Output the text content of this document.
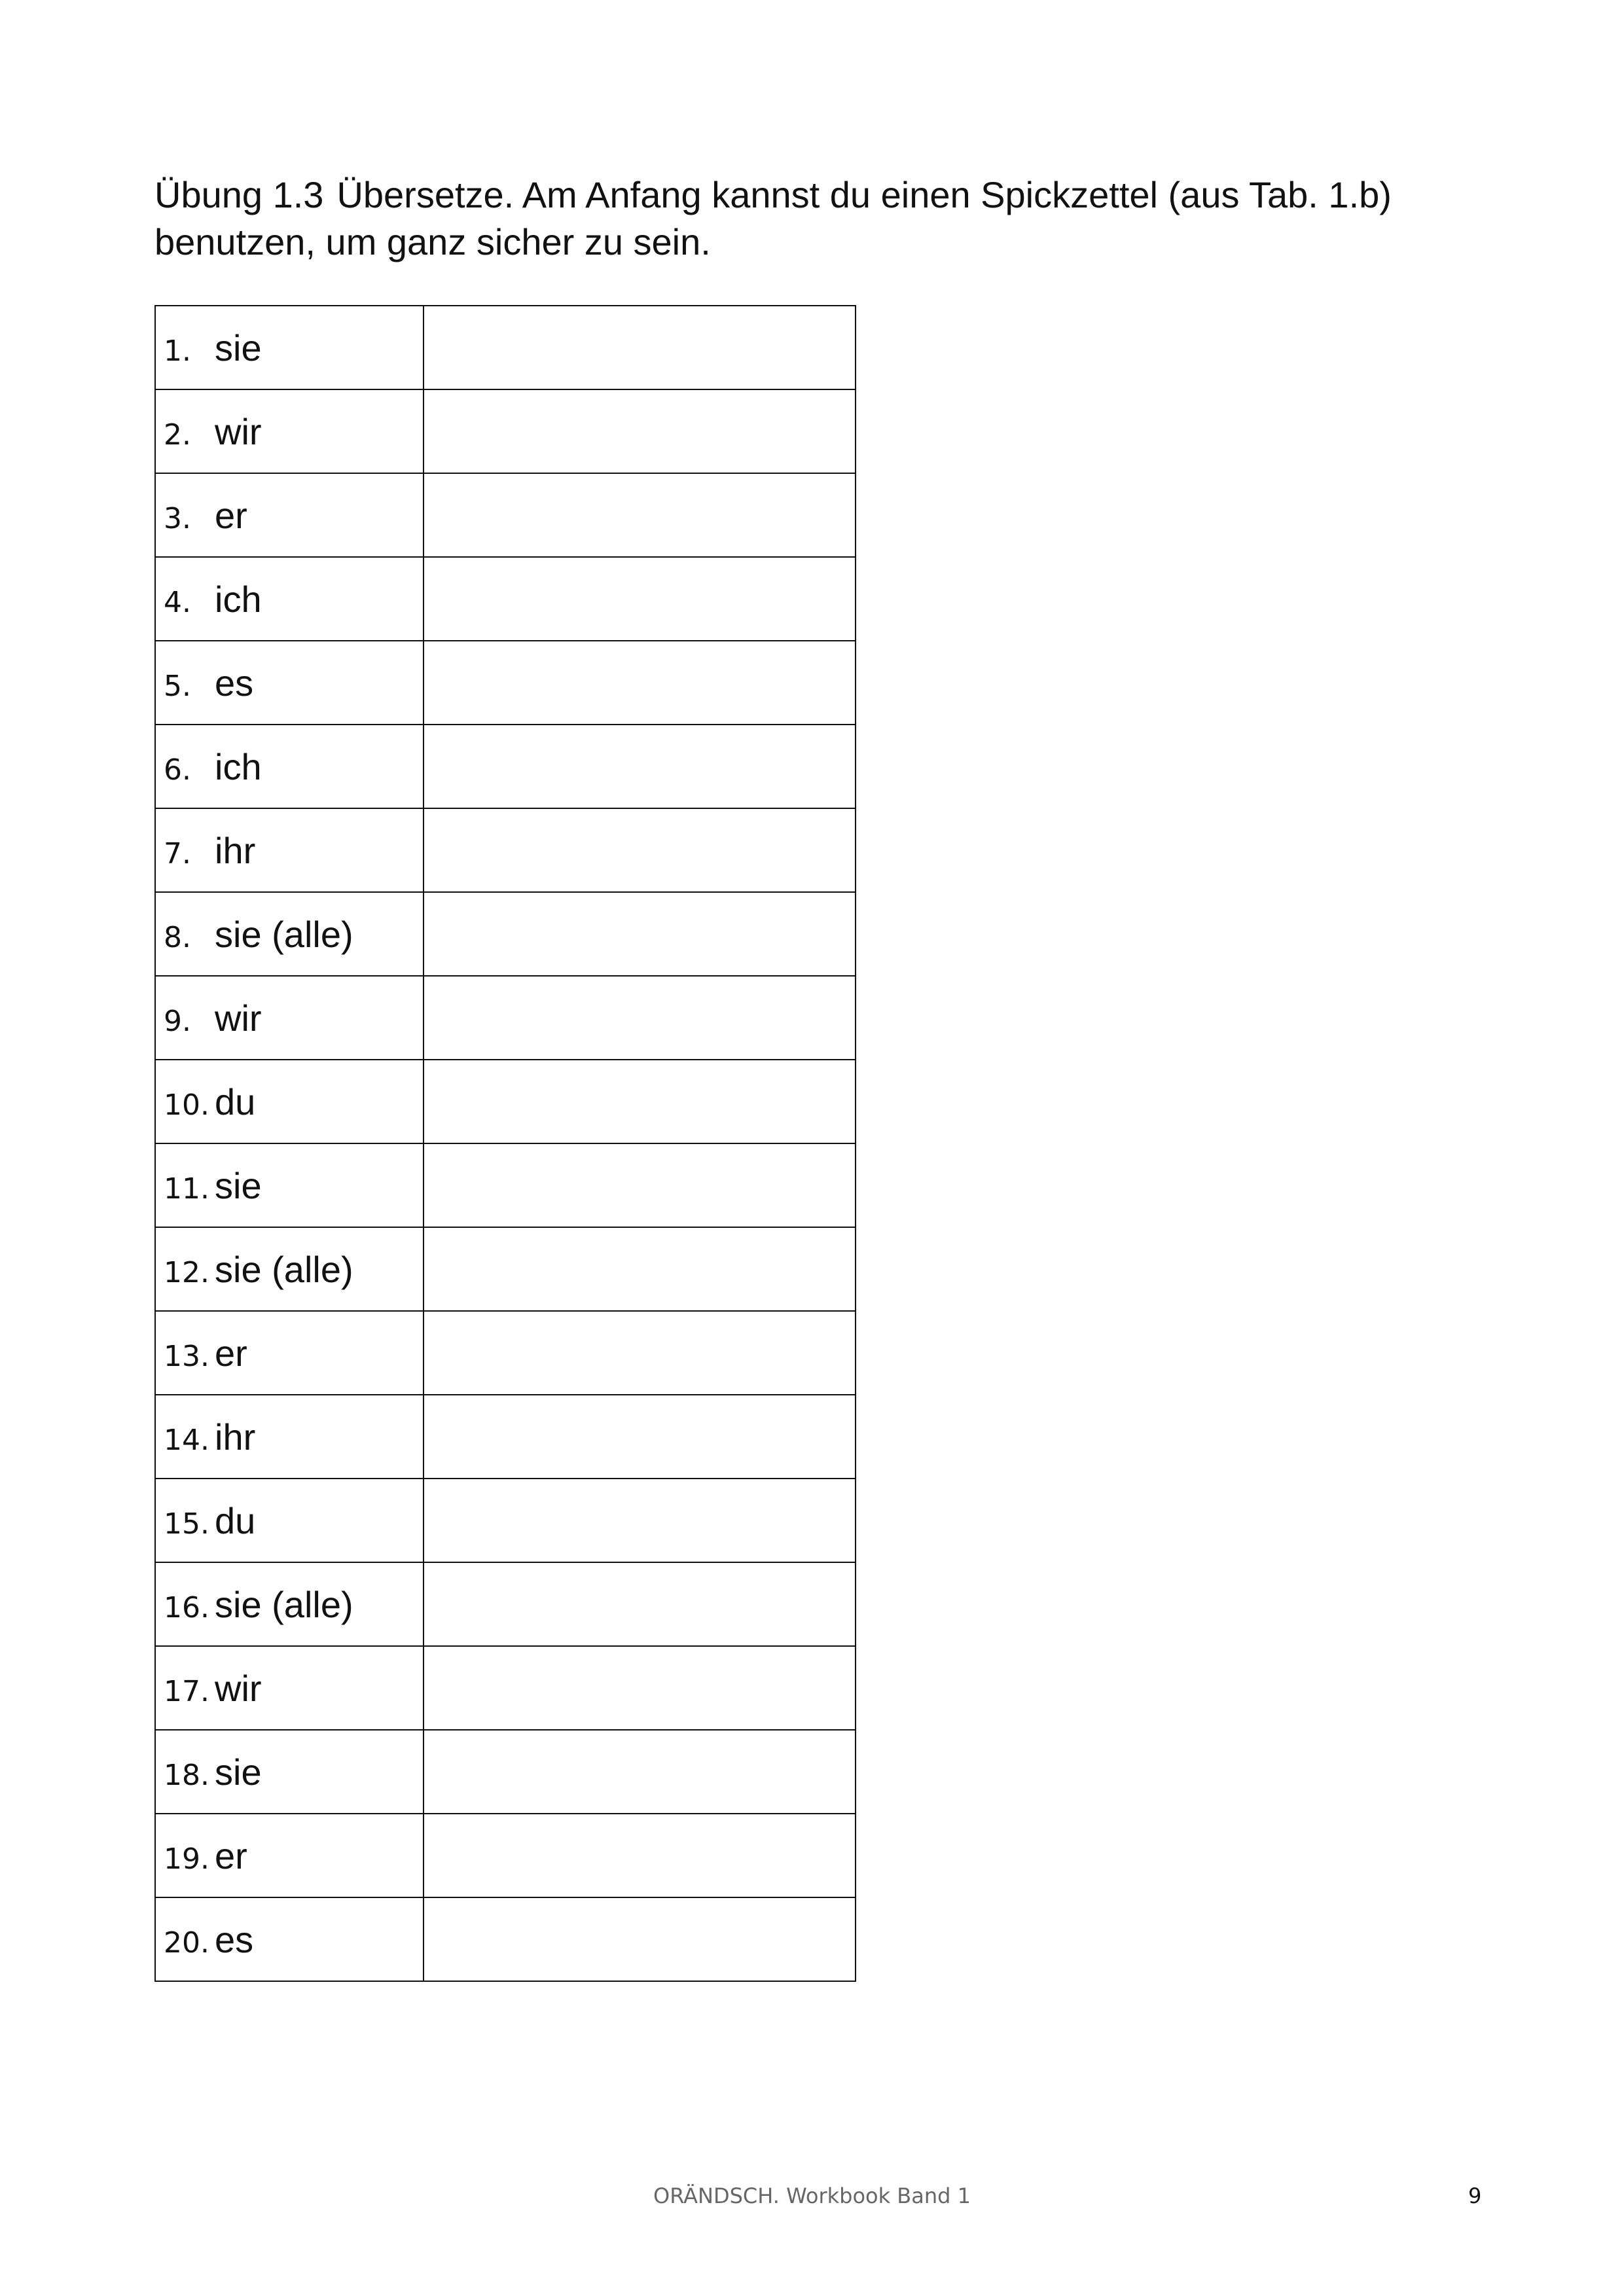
Übung 1.3 Übersetze. Am Anfang kannst du einen Spickzettel (aus Tab. 1.b) benutzen, um ganz sicher zu sein.
1. sie	
2. wir	
3. er	
4. ich	
5. es	
6. ich	
7. ihr	
8. sie (alle)	
9. wir	
10. du	
11. sie	
12. sie (alle)	
13. er	
14. ihr	
15. du	
16. sie (alle)	
17. wir	
18. sie	
19. er	
20. es	
ORÄNDSCH. Workbook Band 1	9
